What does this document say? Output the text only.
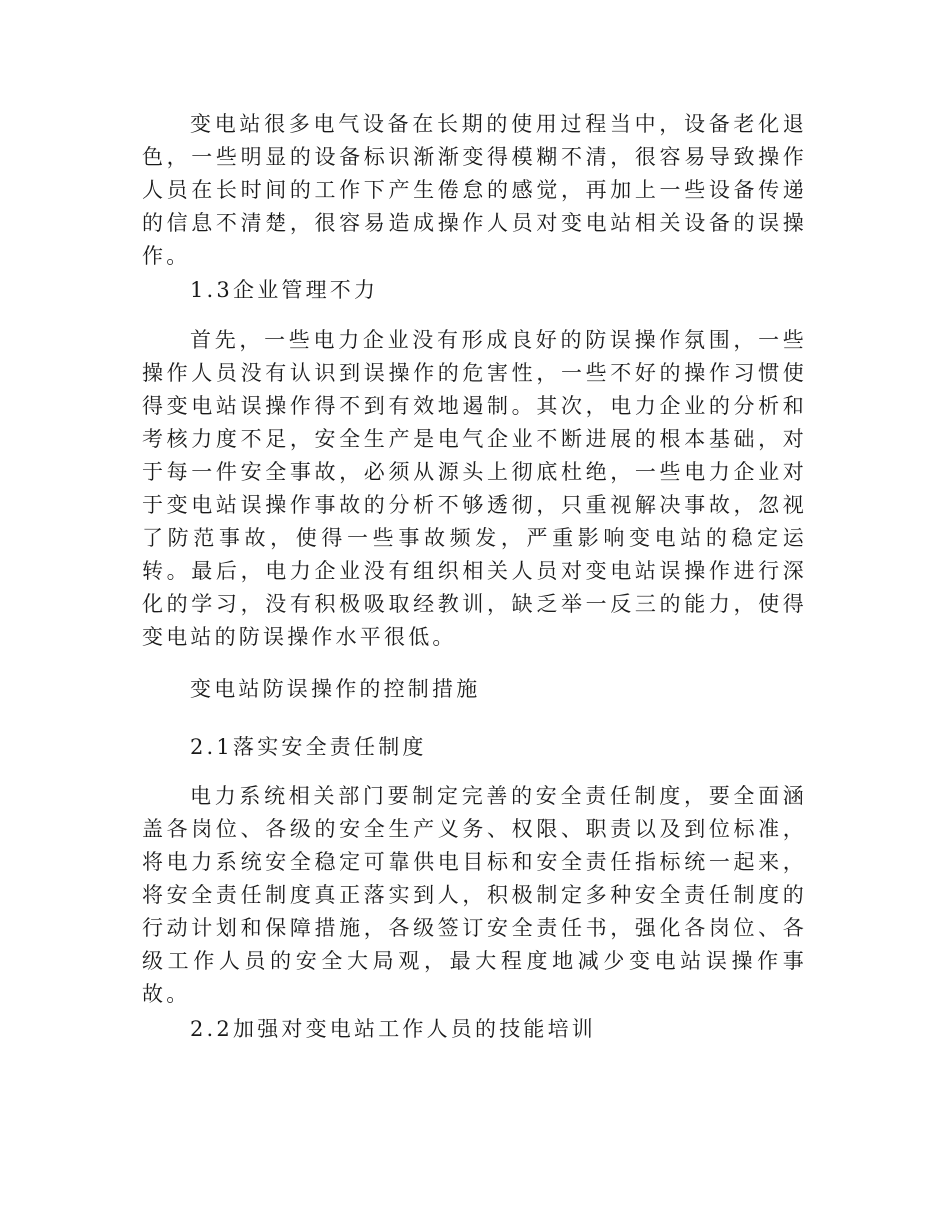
变电站很多电气设备在长期的使用过程当中，设备老化退色，一些明显的设备标识渐渐变得模糊不清，很容易导致操作人员在长时间的工作下产生倦怠的感觉，再加上一些设备传递的信息不清楚，很容易造成操作人员对变电站相关设备的误操作。

1.3企业管理不力

首先，一些电力企业没有形成良好的防误操作氛围，一些操作人员没有认识到误操作的危害性，一些不好的操作习惯使得变电站误操作得不到有效地遏制。其次，电力企业的分析和考核力度不足，安全生产是电气企业不断进展的根本基础，对于每一件安全事故，必须从源头上彻底杜绝，一些电力企业对于变电站误操作事故的分析不够透彻，只重视解决事故，忽视了防范事故，使得一些事故频发，严重影响变电站的稳定运转。最后，电力企业没有组织相关人员对变电站误操作进行深化的学习，没有积极吸取经教训，缺乏举一反三的能力，使得变电站的防误操作水平很低。

变电站防误操作的控制措施

2.1落实安全责任制度

电力系统相关部门要制定完善的安全责任制度，要全面涵盖各岗位、各级的安全生产义务、权限、职责以及到位标准，将电力系统安全稳定可靠供电目标和安全责任指标统一起来，将安全责任制度真正落实到人，积极制定多种安全责任制度的行动计划和保障措施，各级签订安全责任书，强化各岗位、各级工作人员的安全大局观，最大程度地减少变电站误操作事故。

2.2加强对变电站工作人员的技能培训
